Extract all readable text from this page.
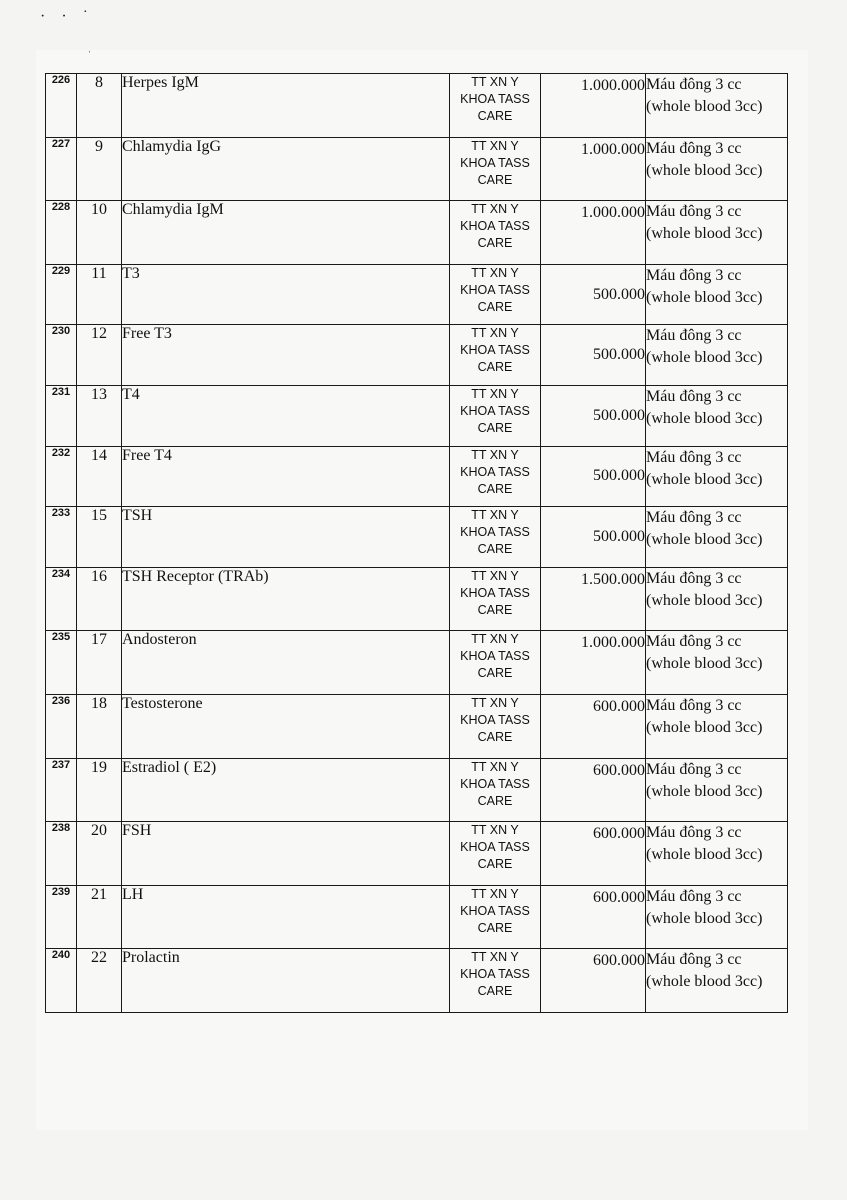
· · ˙
ˈ
226	8	Herpes IgM	TT XN Y
KHOA TASS
CARE	1.000.000	Máu đông 3 cc
(whole blood 3cc)

227	9	Chlamydia IgG	TT XN Y
KHOA TASS
CARE	1.000.000	Máu đông 3 cc
(whole blood 3cc)

228	10	Chlamydia IgM	TT XN Y
KHOA TASS
CARE	1.000.000	Máu đông 3 cc
(whole blood 3cc)

229	11	T3	TT XN Y
KHOA TASS
CARE	500.000	Máu đông 3 cc
(whole blood 3cc)

230	12	Free T3	TT XN Y
KHOA TASS
CARE	500.000	Máu đông 3 cc
(whole blood 3cc)

231	13	T4	TT XN Y
KHOA TASS
CARE	500.000	Máu đông 3 cc
(whole blood 3cc)

232	14	Free T4	TT XN Y
KHOA TASS
CARE	500.000	Máu đông 3 cc
(whole blood 3cc)

233	15	TSH	TT XN Y
KHOA TASS
CARE	500.000	Máu đông 3 cc
(whole blood 3cc)

234	16	TSH Receptor (TRAb)	TT XN Y
KHOA TASS
CARE	1.500.000	Máu đông 3 cc
(whole blood 3cc)

235	17	Andosteron	TT XN Y
KHOA TASS
CARE	1.000.000	Máu đông 3 cc
(whole blood 3cc)

236	18	Testosterone	TT XN Y
KHOA TASS
CARE	600.000	Máu đông 3 cc
(whole blood 3cc)

237	19	Estradiol ( E2)	TT XN Y
KHOA TASS
CARE	600.000	Máu đông 3 cc
(whole blood 3cc)

238	20	FSH	TT XN Y
KHOA TASS
CARE	600.000	Máu đông 3 cc
(whole blood 3cc)

239	21	LH	TT XN Y
KHOA TASS
CARE	600.000	Máu đông 3 cc
(whole blood 3cc)

240	22	Prolactin	TT XN Y
KHOA TASS
CARE	600.000	Máu đông 3 cc
(whole blood 3cc)
